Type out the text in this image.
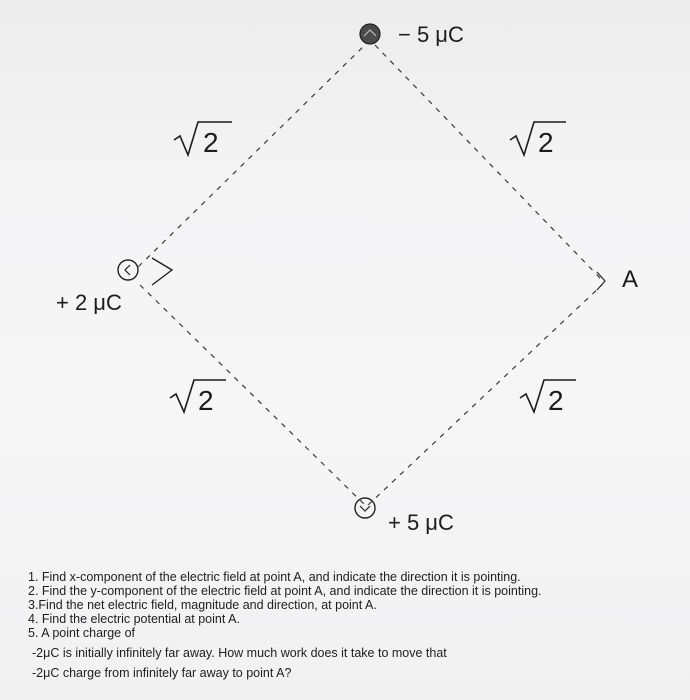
− 5 μC
+ 2 μC
+ 5 μC
A
2	2
2	2
1. Find x-component of the electric field at point A, and indicate the direction it is pointing.
2. Find the y-component of the electric field at point A, and indicate the direction it is pointing.
3.Find the net electric field, magnitude and direction, at point A.
4. Find the electric potential at point A.
5. A point charge of
-2μC is initially infinitely far away. How much work does it take to move that
-2μC charge from infinitely far away to point A?
